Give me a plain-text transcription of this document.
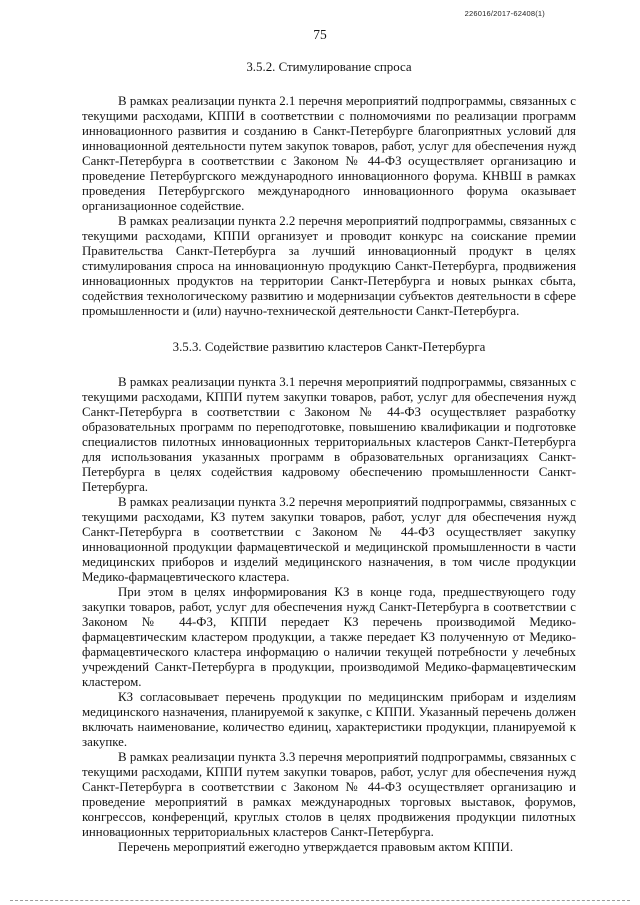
226016/2017-62408(1)
75

3.5.2. Стимулирование спроса

В рамках реализации пункта 2.1 перечня мероприятий подпрограммы, связанных с текущими расходами, КППИ в соответствии с полномочиями по реализации программ инновационного развития и созданию в Санкт-Петербурге благоприятных условий для инновационной деятельности путем закупок товаров, работ, услуг для обеспечения нужд Санкт-Петербурга в соответствии с Законом № 44-ФЗ осуществляет организацию и проведение Петербургского международного инновационного форума. КНВШ в рамках проведения Петербургского международного инновационного форума оказывает организационное содействие.

В рамках реализации пункта 2.2 перечня мероприятий подпрограммы, связанных с текущими расходами, КППИ организует и проводит конкурс на соискание премии Правительства Санкт-Петербурга за лучший инновационный продукт в целях стимулирования спроса на инновационную продукцию Санкт-Петербурга, продвижения инновационных продуктов на территории Санкт-Петербурга и новых рынках сбыта, содействия технологическому развитию и модернизации субъектов деятельности в сфере промышленности и (или) научно-технической деятельности Санкт-Петербурга.

3.5.3. Содействие развитию кластеров Санкт-Петербурга

В рамках реализации пункта 3.1 перечня мероприятий подпрограммы, связанных с текущими расходами, КППИ путем закупки товаров, работ, услуг для обеспечения нужд Санкт-Петербурга в соответствии с Законом № 44-ФЗ осуществляет разработку образовательных программ по переподготовке, повышению квалификации и подготовке специалистов пилотных инновационных территориальных кластеров Санкт-Петербурга для использования указанных программ в образовательных организациях Санкт-Петербурга в целях содействия кадровому обеспечению промышленности Санкт-Петербурга.

В рамках реализации пункта 3.2 перечня мероприятий подпрограммы, связанных с текущими расходами, КЗ путем закупки товаров, работ, услуг для обеспечения нужд Санкт-Петербурга в соответствии с Законом № 44-ФЗ осуществляет закупку инновационной продукции фармацевтической и медицинской промышленности в части медицинских приборов и изделий медицинского назначения, в том числе продукции Медико-фармацевтического кластера.

При этом в целях информирования КЗ в конце года, предшествующего году закупки товаров, работ, услуг для обеспечения нужд Санкт-Петербурга в соответствии с Законом № 44-ФЗ, КППИ передает КЗ перечень производимой Медико-фармацевтическим кластером продукции, а также передает КЗ полученную от Медико-фармацевтического кластера информацию о наличии текущей потребности у лечебных учреждений Санкт-Петербурга в продукции, производимой Медико-фармацевтическим кластером.

КЗ согласовывает перечень продукции по медицинским приборам и изделиям медицинского назначения, планируемой к закупке, с КППИ. Указанный перечень должен включать наименование, количество единиц, характеристики продукции, планируемой к закупке.

В рамках реализации пункта 3.3 перечня мероприятий подпрограммы, связанных с текущими расходами, КППИ путем закупки товаров, работ, услуг для обеспечения нужд Санкт-Петербурга в соответствии с Законом № 44-ФЗ осуществляет организацию и проведение мероприятий в рамках международных торговых выставок, форумов, конгрессов, конференций, круглых столов в целях продвижения продукции пилотных инновационных территориальных кластеров Санкт-Петербурга.

Перечень мероприятий ежегодно утверждается правовым актом КППИ.
